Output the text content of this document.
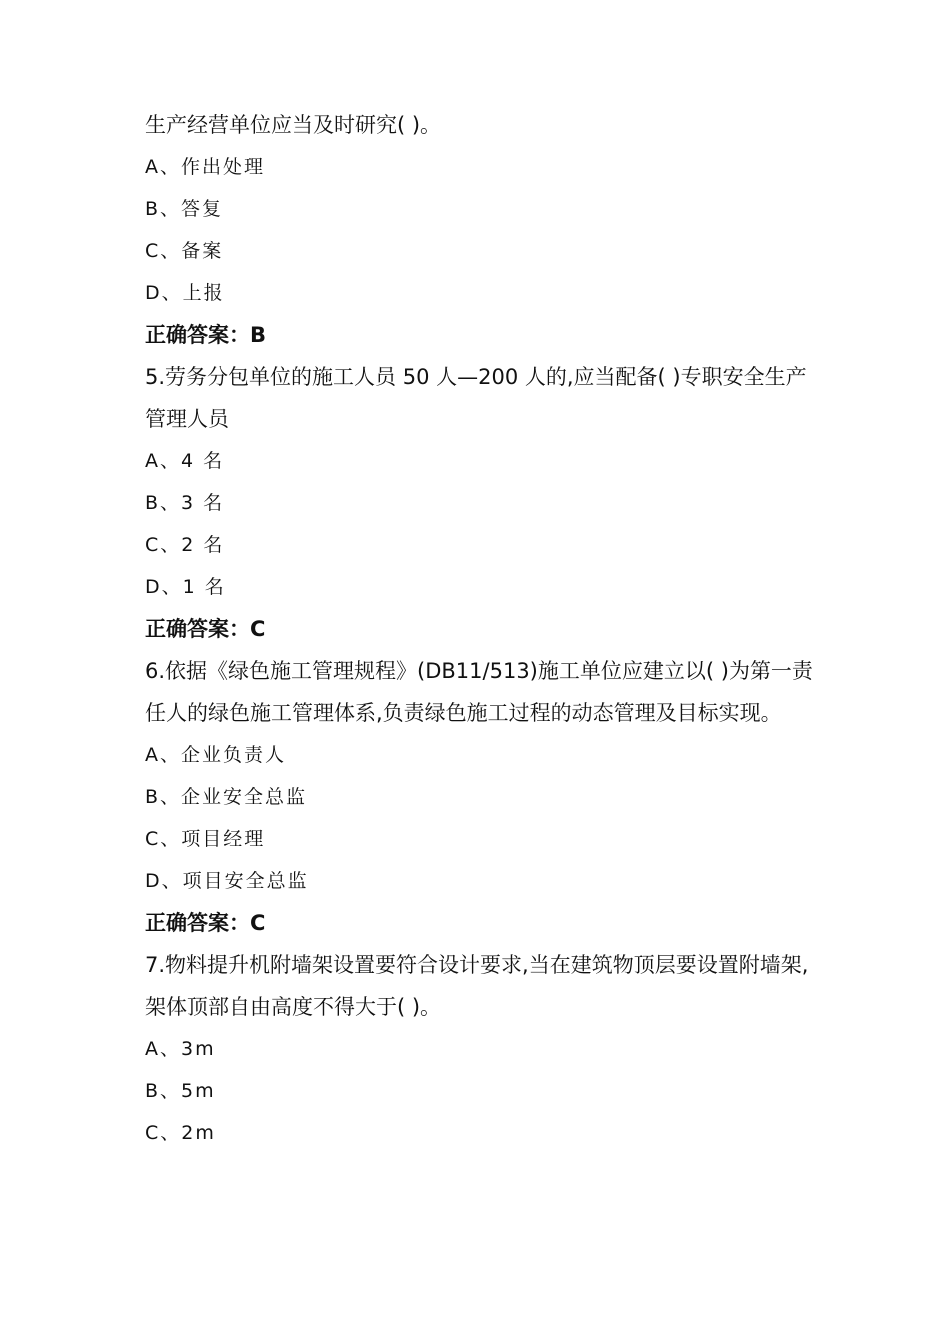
生产经营单位应当及时研究( )。
A、作出处理
B、答复
C、备案
D、上报
正确答案：B
5.劳务分包单位的施工人员 50 人—200 人的,应当配备( )专职安全生产管理人员
A、4 名
B、3 名
C、2 名
D、1 名
正确答案：C
6.依据《绿色施工管理规程》(DB11/513)施工单位应建立以( )为第一责任人的绿色施工管理体系,负责绿色施工过程的动态管理及目标实现。
A、企业负责人
B、企业安全总监
C、项目经理
D、项目安全总监
正确答案：C
7.物料提升机附墙架设置要符合设计要求,当在建筑物顶层要设置附墙架,架体顶部自由高度不得大于( )。
A、3m
B、5m
C、2m
